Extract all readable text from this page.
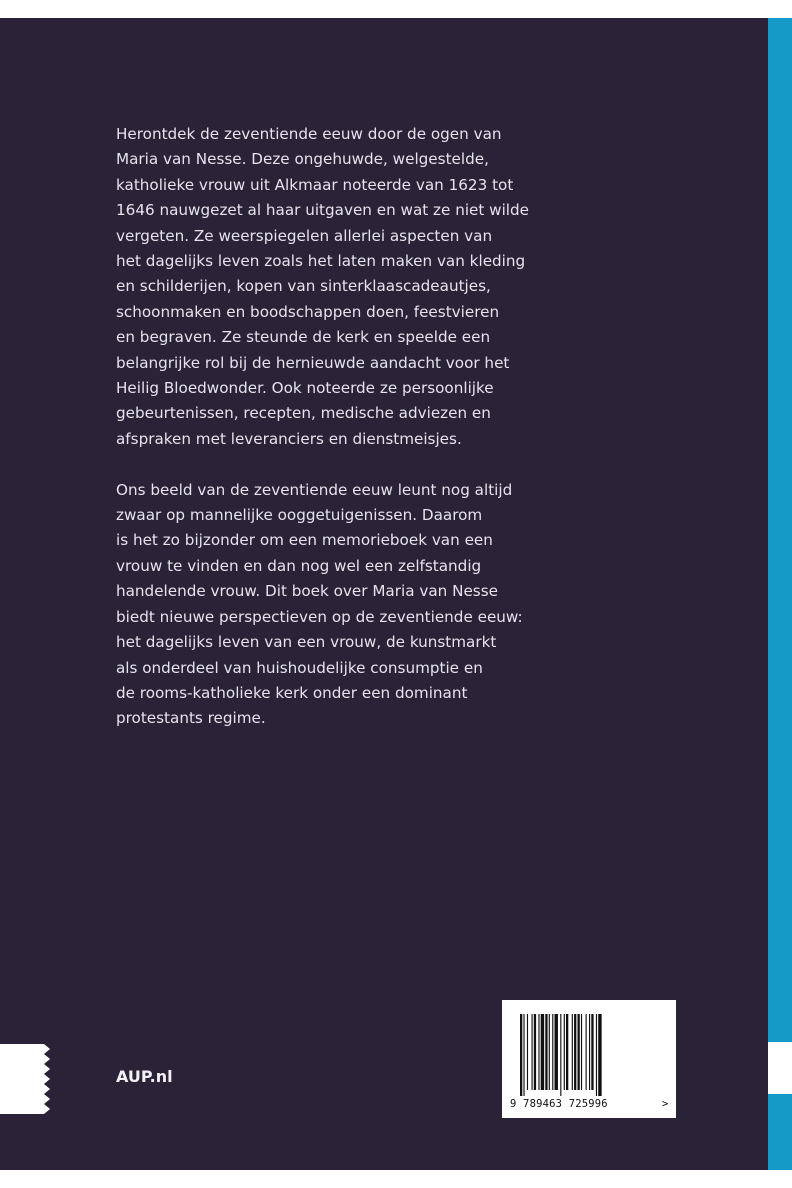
Herontdek de zeventiende eeuw door de ogen van
Maria van Nesse. Deze ongehuwde, welgestelde,
katholieke vrouw uit Alkmaar noteerde van 1623 tot
1646 nauwgezet al haar uitgaven en wat ze niet wilde
vergeten. Ze weerspiegelen allerlei aspecten van
het dagelijks leven zoals het laten maken van kleding
en schilderijen, kopen van sinterklaascadeautjes,
schoonmaken en boodschappen doen, feestvieren
en begraven. Ze steunde de kerk en speelde een
belangrijke rol bij de hernieuwde aandacht voor het
Heilig Bloedwonder. Ook noteerde ze persoonlijke
gebeurtenissen, recepten, medische adviezen en
afspraken met leveranciers en dienstmeisjes.

Ons beeld van de zeventiende eeuw leunt nog altijd
zwaar op mannelijke ooggetuigenissen. Daarom
is het zo bijzonder om een memorieboek van een
vrouw te vinden en dan nog wel een zelfstandig
handelende vrouw. Dit boek over Maria van Nesse
biedt nieuwe perspectieven op de zeventiende eeuw:
het dagelijks leven van een vrouw, de kunstmarkt
als onderdeel van huishoudelijke consumptie en
de rooms-katholieke kerk onder een dominant
protestants regime.

AUP.nl
9 789463 725996	>
